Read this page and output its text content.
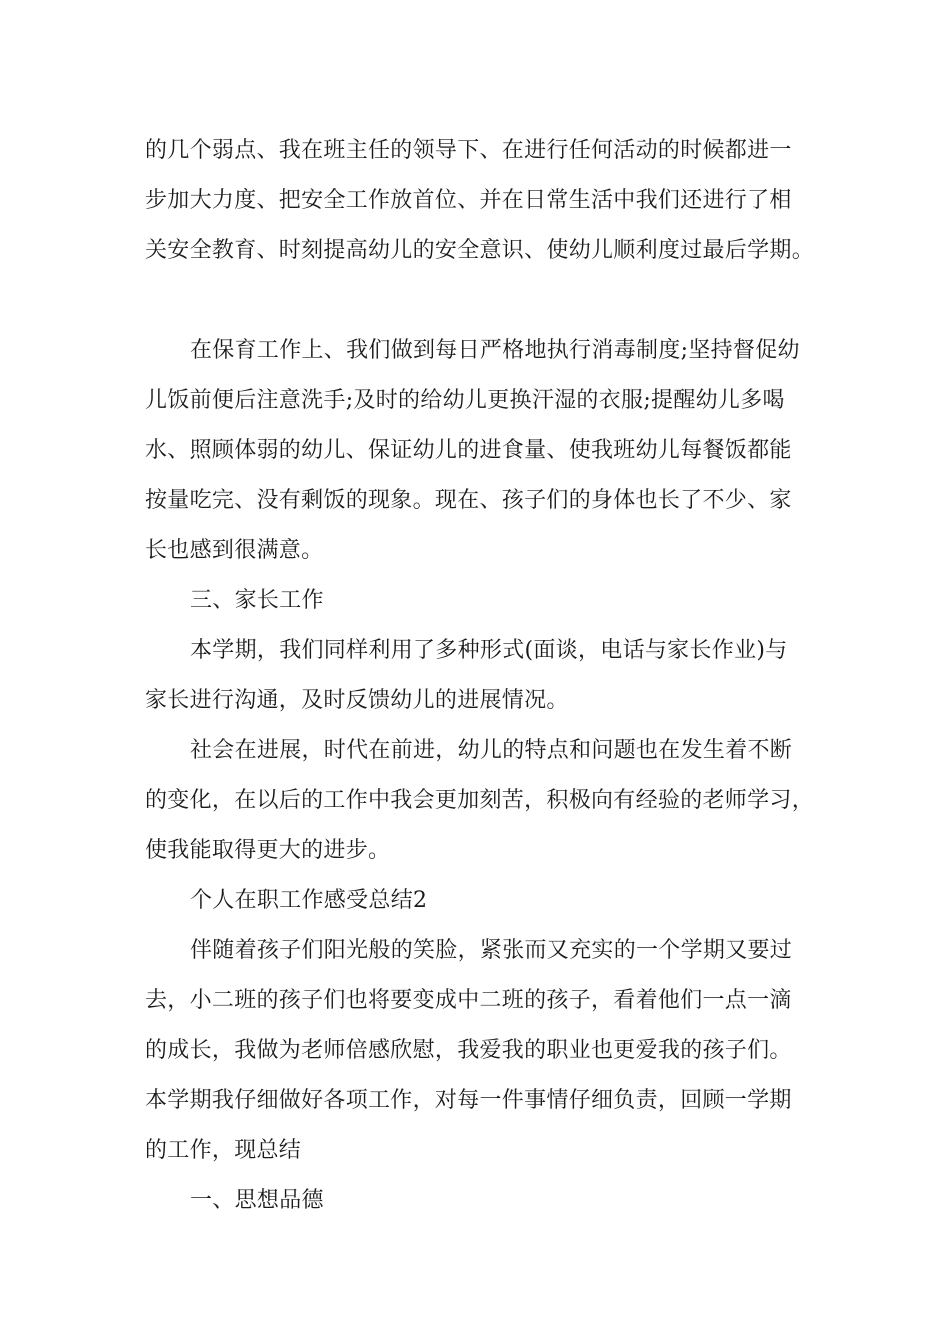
的几个弱点、我在班主任的领导下、在进行任何活动的时候都进一
步加大力度、把安全工作放首位、并在日常生活中我们还进行了相
关安全教育、时刻提高幼儿的安全意识、使幼儿顺利度过最后学期。
在保育工作上、我们做到每日严格地执行消毒制度;坚持督促幼
儿饭前便后注意洗手;及时的给幼儿更换汗湿的衣服;提醒幼儿多喝
水、照顾体弱的幼儿、保证幼儿的进食量、使我班幼儿每餐饭都能
按量吃完、没有剩饭的现象。现在、孩子们的身体也长了不少、家
长也感到很满意。
三、家长工作
本学期，我们同样利用了多种形式(面谈，电话与家长作业)与
家长进行沟通，及时反馈幼儿的进展情况。
社会在进展，时代在前进，幼儿的特点和问题也在发生着不断
的变化，在以后的工作中我会更加刻苦，积极向有经验的老师学习，
使我能取得更大的进步。
个人在职工作感受总结2
伴随着孩子们阳光般的笑脸，紧张而又充实的一个学期又要过
去，小二班的孩子们也将要变成中二班的孩子，看着他们一点一滴
的成长，我做为老师倍感欣慰，我爱我的职业也更爱我的孩子们。
本学期我仔细做好各项工作，对每一件事情仔细负责，回顾一学期
的工作，现总结
一、思想品德
